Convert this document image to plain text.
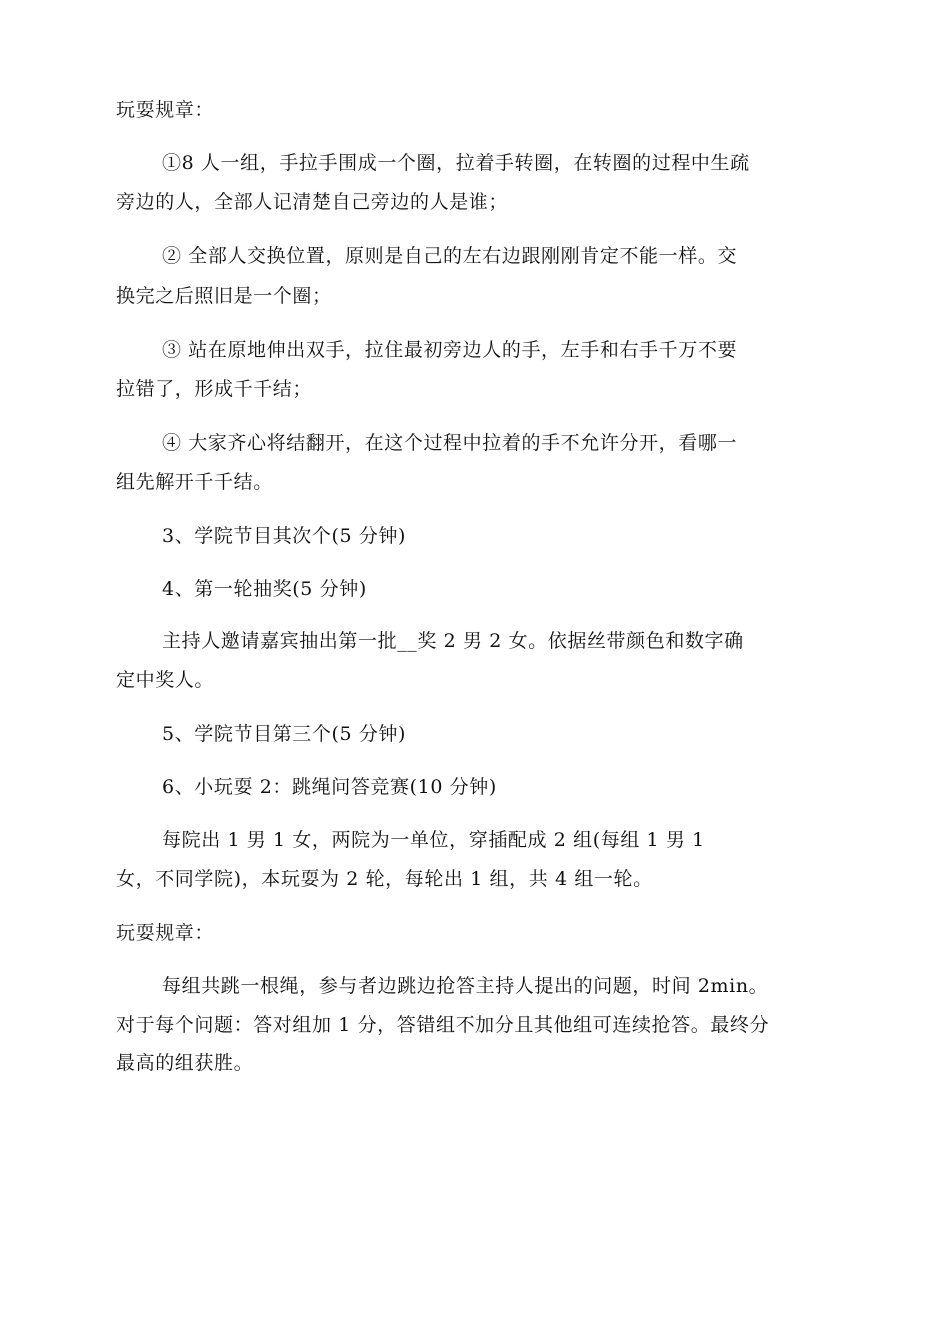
玩耍规章：
①8 人一组，手拉手围成一个圈，拉着手转圈，在转圈的过程中生疏
旁边的人，全部人记清楚自己旁边的人是谁；
② 全部人交换位置，原则是自己的左右边跟刚刚肯定不能一样。交
换完之后照旧是一个圈；
③ 站在原地伸出双手，拉住最初旁边人的手，左手和右手千万不要
拉错了，形成千千结；
④ 大家齐心将结翻开，在这个过程中拉着的手不允许分开，看哪一
组先解开千千结。
3、学院节目其次个(5 分钟)
4、第一轮抽奖(5 分钟)
主持人邀请嘉宾抽出第一批__奖 2 男 2 女。依据丝带颜色和数字确
定中奖人。
5、学院节目第三个(5 分钟)
6、小玩耍 2：跳绳问答竞赛(10 分钟)
每院出 1 男 1 女，两院为一单位，穿插配成 2 组(每组 1 男 1
女，不同学院)，本玩耍为 2 轮，每轮出 1 组，共 4 组一轮。
玩耍规章：
每组共跳一根绳，参与者边跳边抢答主持人提出的问题，时间 2min。
对于每个问题：答对组加 1 分，答错组不加分且其他组可连续抢答。最终分
最高的组获胜。
